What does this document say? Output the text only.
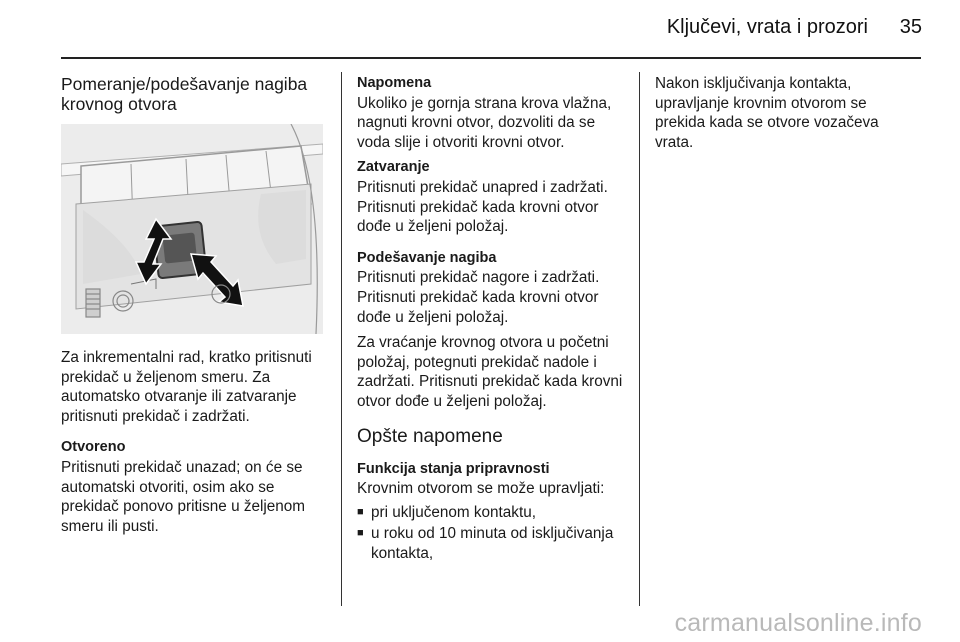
Ključevi, vrata i prozori 35
Pomeranje/podešavanje nagiba krovnog otvora

Za inkrementalni rad, kratko pritisnuti prekidač u željenom smeru. Za automatsko otvaranje ili zatvaranje pritisnuti prekidač i zadržati.

Otvoreno

Pritisnuti prekidač unazad; on će se automatski otvoriti, osim ako se prekidač ponovo pritisne u željenom smeru ili pusti.

Napomena

Ukoliko je gornja strana krova vlažna, nagnuti krovni otvor, dozvoliti da se voda slije i otvoriti krovni otvor.

Zatvaranje

Pritisnuti prekidač unapred i zadržati. Pritisnuti prekidač kada krovni otvor dođe u željeni položaj.

Podešavanje nagiba

Pritisnuti prekidač nagore i zadržati. Pritisnuti prekidač kada krovni otvor dođe u željeni položaj.

Za vraćanje krovnog otvora u početni položaj, potegnuti prekidač nadole i zadržati. Pritisnuti prekidač kada krovni otvor dođe u željeni položaj.

Opšte napomene
Funkcija stanja pripravnosti
Krovnim otvorom se može upravljati:
■ pri uključenom kontaktu,
■ u roku od 10 minuta od isključivanja kontakta,

Nakon isključivanja kontakta, upravljanje krovnim otvorom se prekida kada se otvore vozačeva vrata.

carmanualsonline.info
